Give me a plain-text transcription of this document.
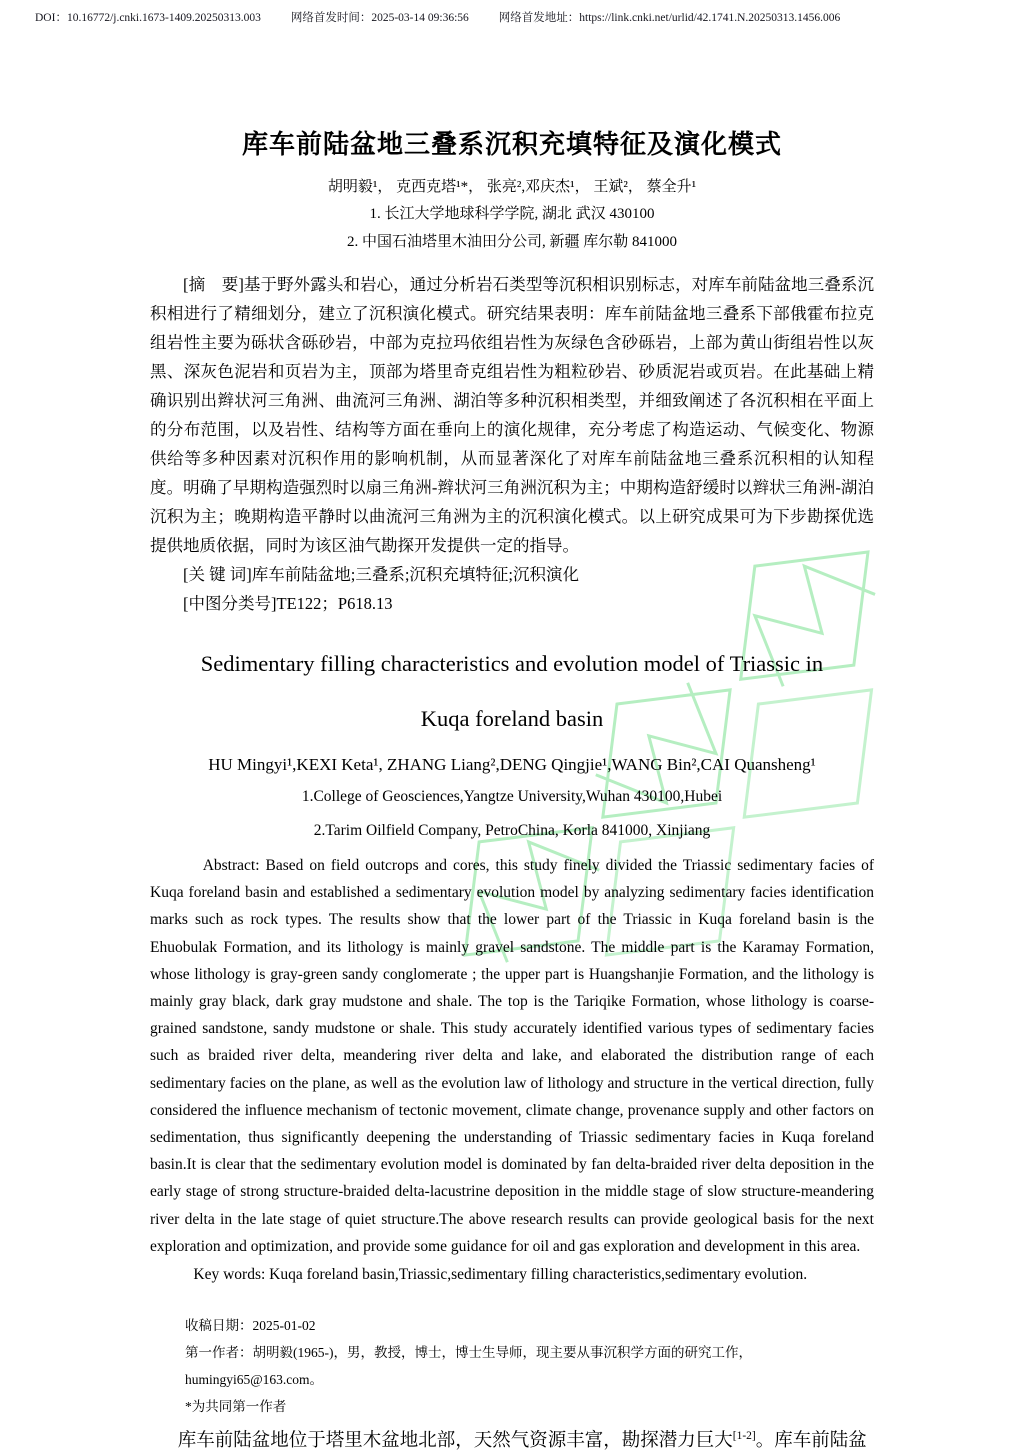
DOI：10.16772/j.cnki.1673-1409.20250313.003	网络首发时间：2025-03-14 09:36:56	网络首发地址：https://link.cnki.net/urlid/42.1741.N.20250313.1456.006
库车前陆盆地三叠系沉积充填特征及演化模式
胡明毅¹， 克西克塔¹*， 张亮²,邓庆杰¹， 王斌²， 蔡全升¹
1. 长江大学地球科学学院, 湖北 武汉 430100
2. 中国石油塔里木油田分公司, 新疆 库尔勒 841000

[摘　要]基于野外露头和岩心，通过分析岩石类型等沉积相识别标志，对库车前陆盆地三叠系沉积相进行了精细划分，建立了沉积演化模式。研究结果表明：库车前陆盆地三叠系下部俄霍布拉克组岩性主要为砾状含砾砂岩，中部为克拉玛依组岩性为灰绿色含砂砾岩，上部为黄山街组岩性以灰黑、深灰色泥岩和页岩为主，顶部为塔里奇克组岩性为粗粒砂岩、砂质泥岩或页岩。在此基础上精确识别出辫状河三角洲、曲流河三角洲、湖泊等多种沉积相类型，并细致阐述了各沉积相在平面上的分布范围，以及岩性、结构等方面在垂向上的演化规律，充分考虑了构造运动、气候变化、物源供给等多种因素对沉积作用的影响机制，从而显著深化了对库车前陆盆地三叠系沉积相的认知程度。明确了早期构造强烈时以扇三角洲-辫状河三角洲沉积为主；中期构造舒缓时以辫状三角洲-湖泊沉积为主；晚期构造平静时以曲流河三角洲为主的沉积演化模式。以上研究成果可为下步勘探优选提供地质依据，同时为该区油气勘探开发提供一定的指导。

[关 键 词]库车前陆盆地;三叠系;沉积充填特征;沉积演化
[中图分类号]TE122；P618.13
Sedimentary filling characteristics and evolution model of Triassic in
Kuqa foreland basin
HU Mingyi¹,KEXI Keta¹, ZHANG Liang²,DENG Qingjie¹,WANG Bin²,CAI Quansheng¹
1.College of Geosciences,Yangtze University,Wuhan 430100,Hubei
2.Tarim Oilfield Company, PetroChina, Korla 841000, Xinjiang

Abstract: Based on field outcrops and cores, this study finely divided the Triassic sedimentary facies of Kuqa foreland basin and established a sedimentary evolution model by analyzing sedimentary facies identification marks such as rock types. The results show that the lower part of the Triassic in Kuqa foreland basin is the Ehuobulak Formation, and its lithology is mainly gravel sandstone. The middle part is the Karamay Formation, whose lithology is gray-green sandy conglomerate ; the upper part is Huangshanjie Formation, and the lithology is mainly gray black, dark gray mudstone and shale. The top is the Tariqike Formation, whose lithology is coarse-grained sandstone, sandy mudstone or shale. This study accurately identified various types of sedimentary facies such as braided river delta, meandering river delta and lake, and elaborated the distribution range of each sedimentary facies on the plane, as well as the evolution law of lithology and structure in the vertical direction, fully considered the influence mechanism of tectonic movement, climate change, provenance supply and other factors on sedimentation, thus significantly deepening the understanding of Triassic sedimentary facies in Kuqa foreland basin.It is clear that the sedimentary evolution model is dominated by fan delta-braided river delta deposition in the early stage of strong structure-braided delta-lacustrine deposition in the middle stage of slow structure-meandering river delta in the late stage of quiet structure.The above research results can provide geological basis for the next exploration and optimization, and provide some guidance for oil and gas exploration and development in this area.

Key words: Kuqa foreland basin,Triassic,sedimentary filling characteristics,sedimentary evolution.
收稿日期：2025-01-02
第一作者：胡明毅(1965-)，男，教授，博士，博士生导师，现主要从事沉积学方面的研究工作，humingyi65@163.com。
*为共同第一作者

库车前陆盆地位于塔里木盆地北部，天然气资源丰富，勘探潜力巨大[1-2]。库车前陆盆
